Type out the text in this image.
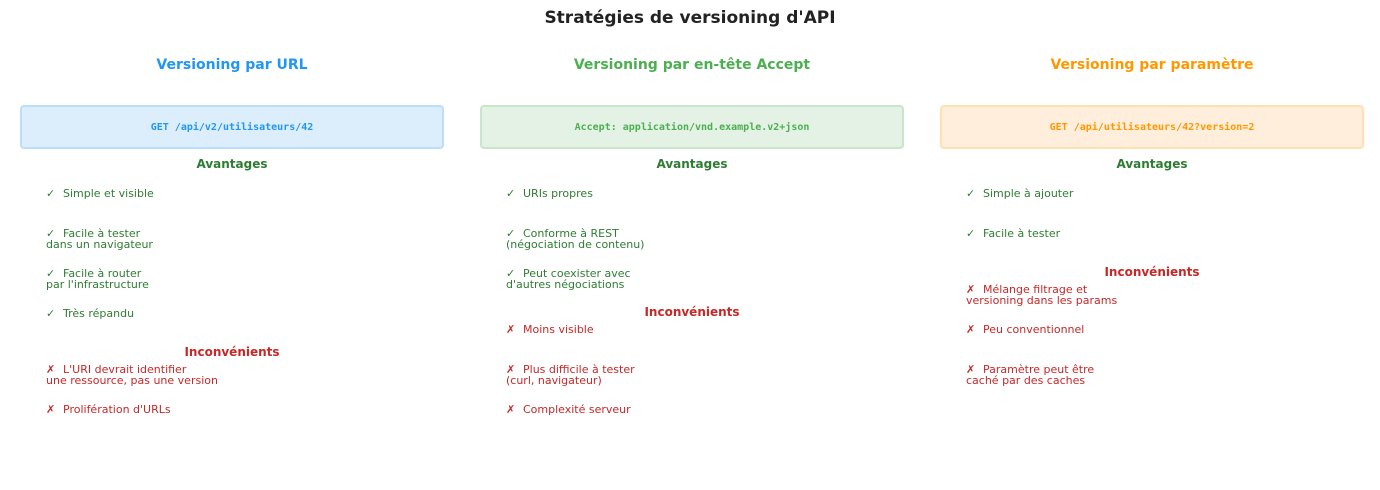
Stratégies de versioning d'API
Versioning par URL
GET /api/v2/utilisateurs/42
Avantages
✓ Simple et visible
✓ Facile à tester
dans un navigateur
✓ Facile à router
par l'infrastructure
✓ Très répandu
Inconvénients
✗ L'URI devrait identifier
une ressource, pas une version
✗ Prolifération d'URLs
Versioning par en-tête Accept
Accept: application/vnd.example.v2+json
Avantages
✓ URIs propres
✓ Conforme à REST
(négociation de contenu)
✓ Peut coexister avec
d'autres négociations
Inconvénients
✗ Moins visible
✗ Plus difficile à tester
(curl, navigateur)
✗ Complexité serveur
Versioning par paramètre
GET /api/utilisateurs/42?version=2
Avantages
✓ Simple à ajouter
✓ Facile à tester
Inconvénients
✗ Mélange filtrage et
versioning dans les params
✗ Peu conventionnel
✗ Paramètre peut être
caché par des caches
